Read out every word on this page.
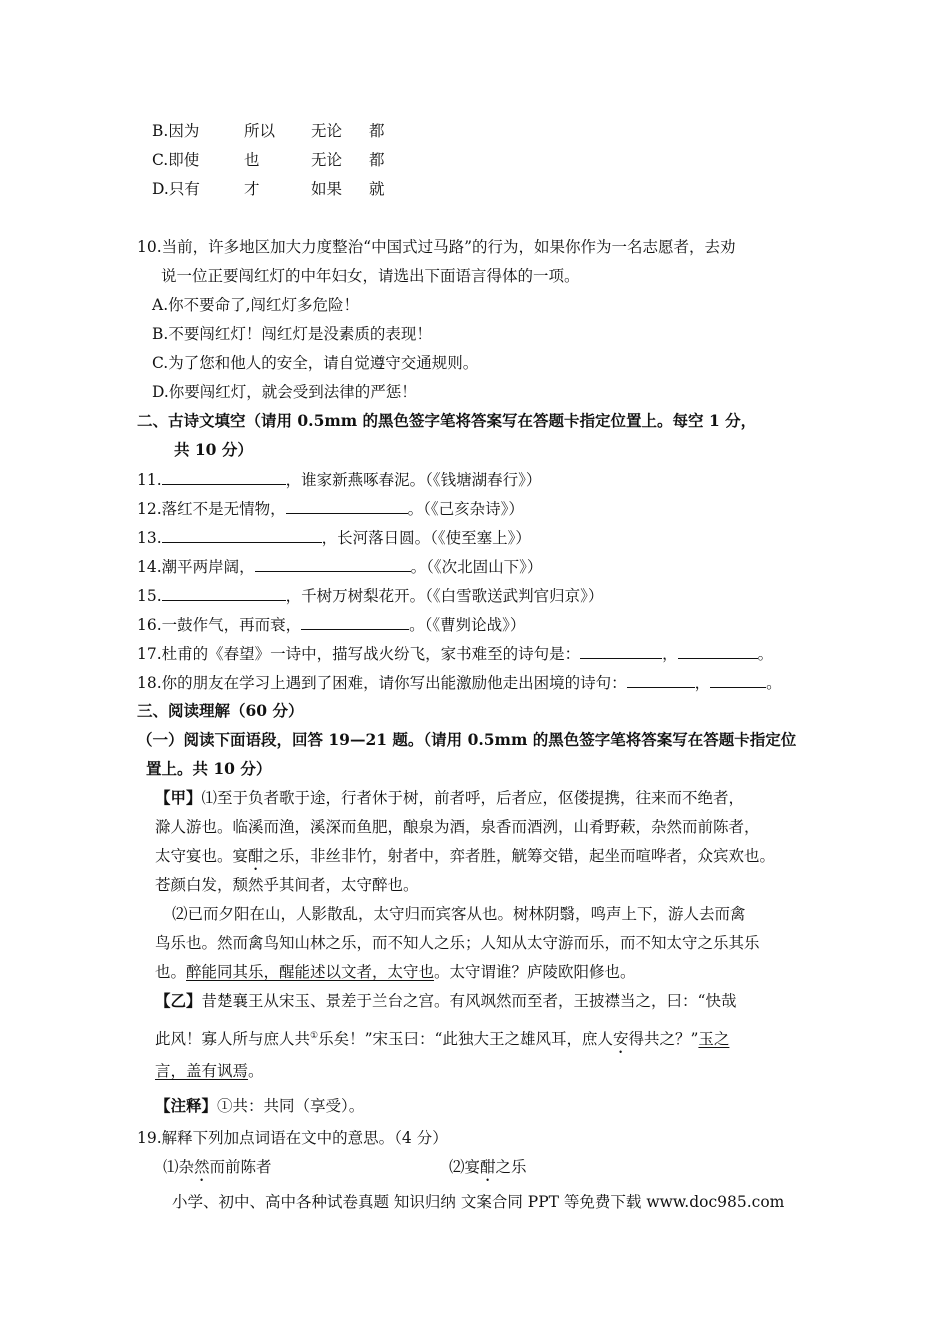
B.因为	所以 无论 都
C.即使	也	无论 都
D.只有	才	如果 就
10.当前，许多地区加大力度整治“中国式过马路”的行为，如果你作为一名志愿者，去劝
说一位正要闯红灯的中年妇女，请选出下面语言得体的一项。
A.你不要命了,闯红灯多危险！
B.不要闯红灯！闯红灯是没素质的表现！
C.为了您和他人的安全，请自觉遵守交通规则。
D.你要闯红灯，就会受到法律的严惩！
二、古诗文填空（请用 0.5mm 的黑色签字笔将答案写在答题卡指定位置上。每空 1 分，
共 10 分）
11.	，谁家新燕啄春泥。（《钱塘湖春行》）
12.落红不是无情物，	。（《己亥杂诗》）
13.	，长河落日圆。（《使至塞上》）
14.潮平两岸阔，	。（《次北固山下》）
15.	，千树万树梨花开。（《白雪歌送武判官归京》）
16.一鼓作气，再而衰，	。（《曹刿论战》）
17.杜甫的《春望》一诗中，描写战火纷飞，家书难至的诗句是：	，	。
18.你的朋友在学习上遇到了困难，请你写出能激励他走出困境的诗句：	，	。
三、阅读理解（60 分）
（一）阅读下面语段，回答 19—21 题。（请用 0.5mm 的黑色签字笔将答案写在答题卡指定位
置上。共 10 分）
【甲】⑴至于负者歌于途，行者休于树，前者呼，后者应，伛偻提携，往来而不绝者，
滁人游也。临溪而渔，溪深而鱼肥，酿泉为酒，泉香而酒洌，山肴野蔌，杂然而前陈者，
太守宴也。宴酣之乐，非丝非竹，射者中，弈者胜，觥筹交错，起坐而喧哗者，众宾欢也。
苍颜白发，颓然乎其间者，太守醉也。
⑵已而夕阳在山，人影散乱，太守归而宾客从也。树林阴翳，鸣声上下，游人去而禽
鸟乐也。然而禽鸟知山林之乐，而不知人之乐；人知从太守游而乐，而不知太守之乐其乐
也。醉能同其乐，醒能述以文者，太守也。太守谓谁？庐陵欧阳修也。
【乙】昔楚襄王从宋玉、景差于兰台之宫。有风飒然而至者，王披襟当之，曰：“快哉
此风！寡人所与庶人共①乐矣！”宋玉曰：“此独大王之雄风耳，庶人安得共之？”玉之
言，盖有讽焉。
【注释】①共：共同（享受）。
19.解释下列加点词语在文中的意思。（4 分）
⑴杂然而前陈者	⑵宴酣之乐
小学、初中、高中各种试卷真题 知识归纳 文案合同 PPT 等免费下载 www.doc985.com
